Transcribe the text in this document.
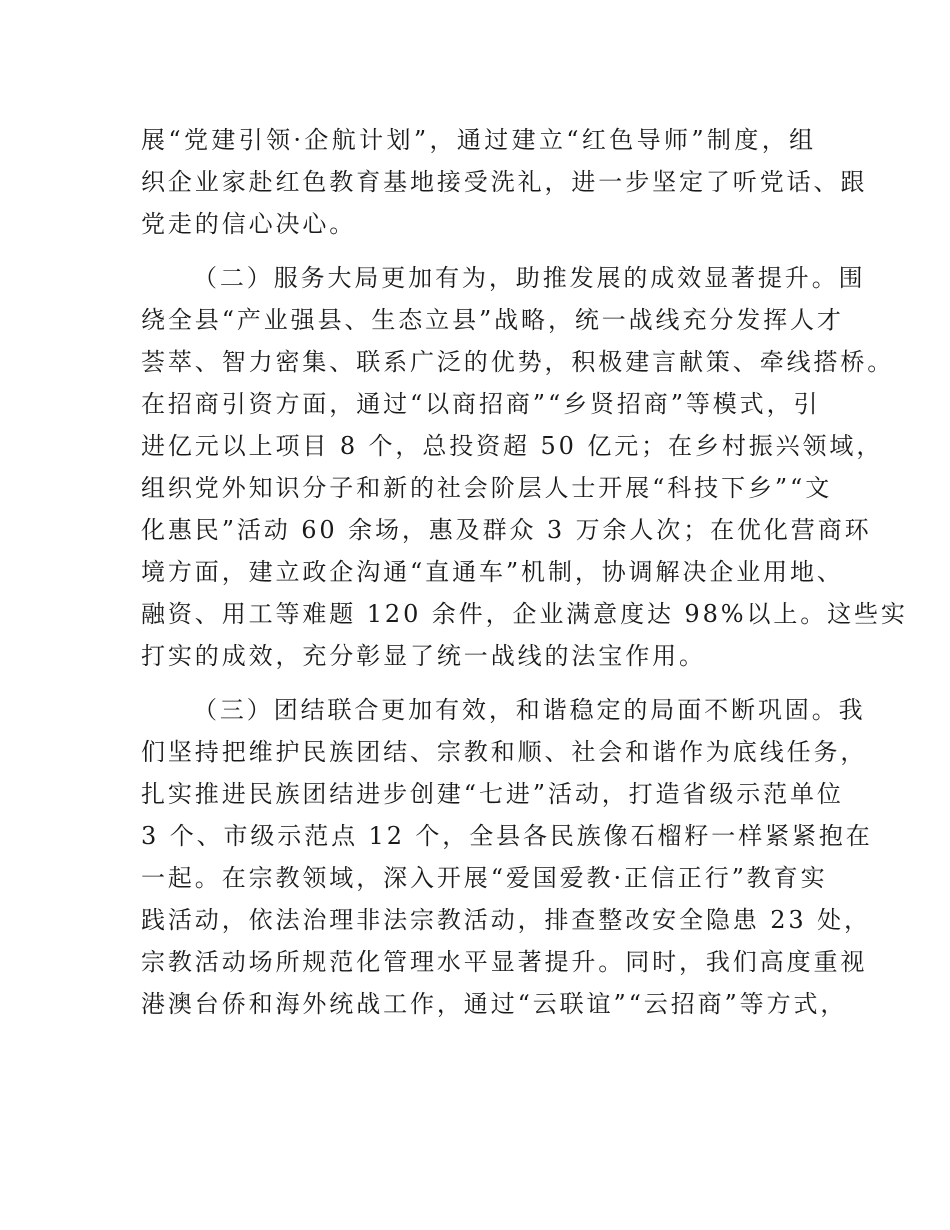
展“党建引领·企航计划”，通过建立“红色导师”制度，组
织企业家赴红色教育基地接受洗礼，进一步坚定了听党话、跟
党走的信心决心。
（二）服务大局更加有为，助推发展的成效显著提升。围
绕全县“产业强县、生态立县”战略，统一战线充分发挥人才
荟萃、智力密集、联系广泛的优势，积极建言献策、牵线搭桥。
在招商引资方面，通过“以商招商”“乡贤招商”等模式，引
进亿元以上项目 8 个，总投资超 50 亿元；在乡村振兴领域，
组织党外知识分子和新的社会阶层人士开展“科技下乡”“文
化惠民”活动 60 余场，惠及群众 3 万余人次；在优化营商环
境方面，建立政企沟通“直通车”机制，协调解决企业用地、
融资、用工等难题 120 余件，企业满意度达 98%以上。这些实
打实的成效，充分彰显了统一战线的法宝作用。
（三）团结联合更加有效，和谐稳定的局面不断巩固。我
们坚持把维护民族团结、宗教和顺、社会和谐作为底线任务，
扎实推进民族团结进步创建“七进”活动，打造省级示范单位
3 个、市级示范点 12 个，全县各民族像石榴籽一样紧紧抱在
一起。在宗教领域，深入开展“爱国爱教·正信正行”教育实
践活动，依法治理非法宗教活动，排查整改安全隐患 23 处，
宗教活动场所规范化管理水平显著提升。同时，我们高度重视
港澳台侨和海外统战工作，通过“云联谊”“云招商”等方式，
